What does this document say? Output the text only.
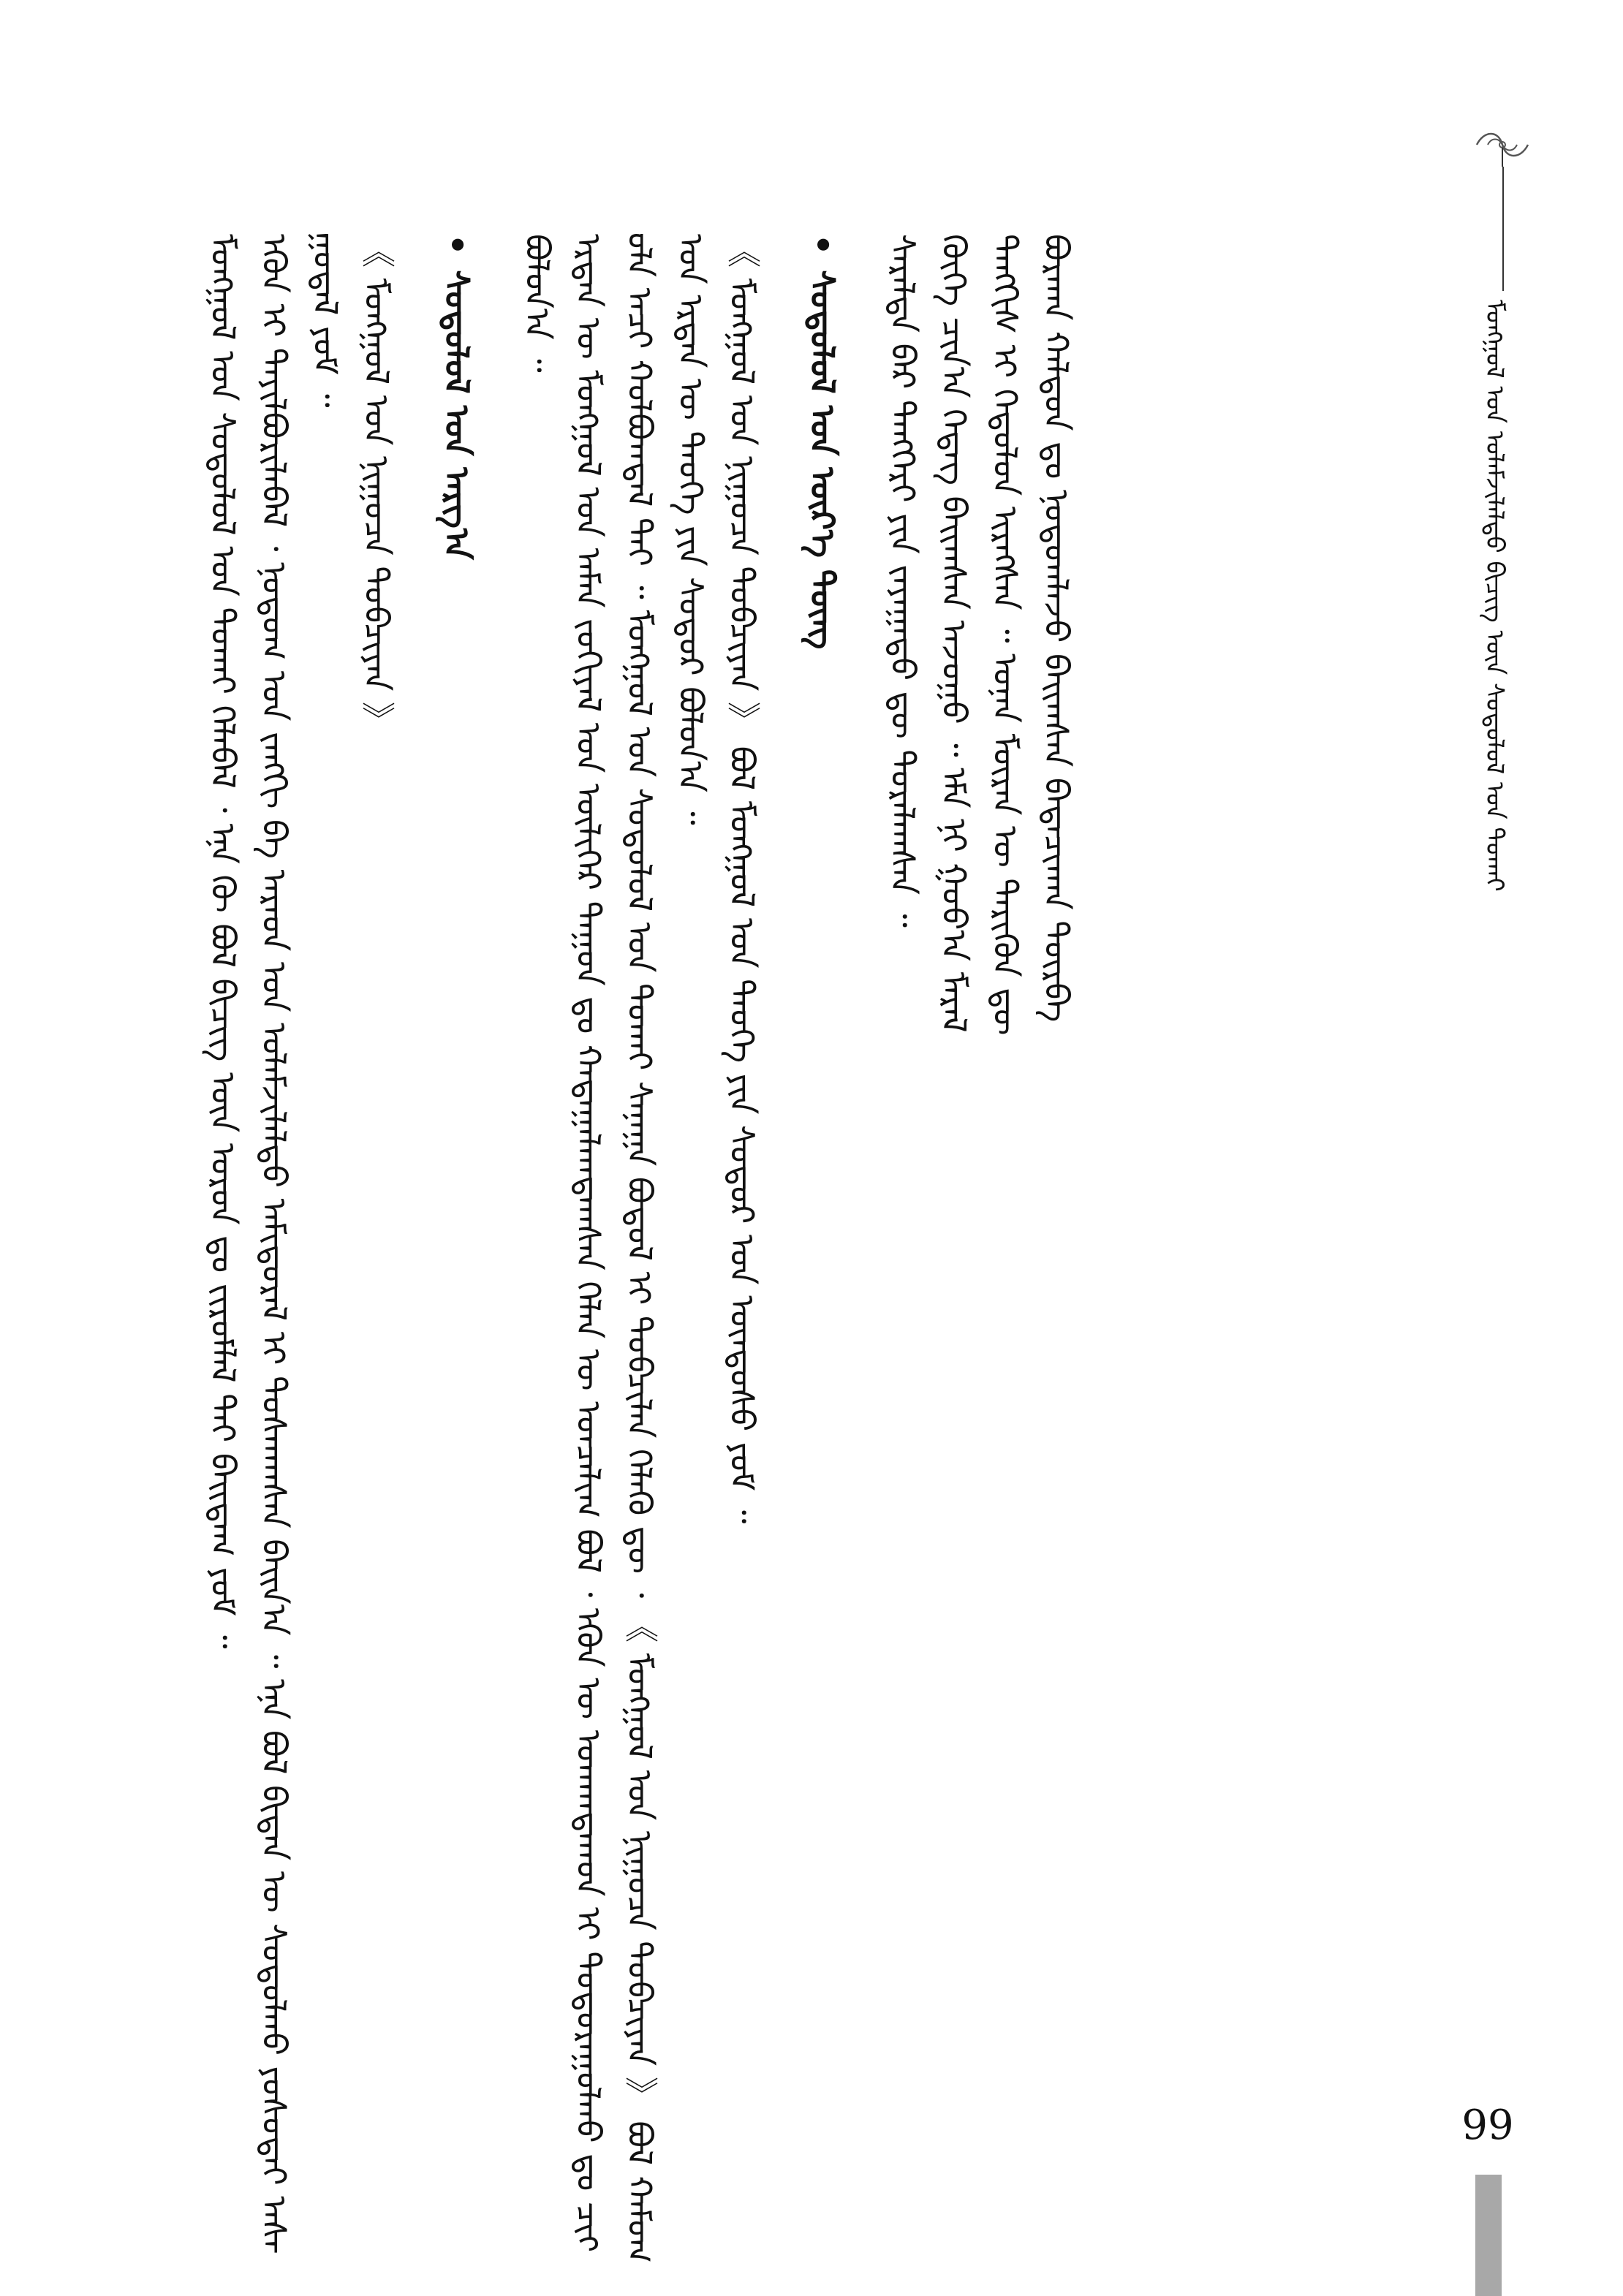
ᠮᠣᠩᠭᠣᠯ ᠤᠨ ᠤᠯᠠᠮᠵᠢᠯᠠᠯᠲᠤ ᠪᠢᠴᠢᠭ ᠦᠨ ᠰᠤᠳᠤᠯᠤᠯ ᠤᠨ ᠲᠤᠬᠠᠢ

ᠮᠣᠩᠭᠣᠯ ᠤᠨ ᠰᠤᠳᠤᠯᠤᠯ ᠤᠨ ᠲᠤᠬᠠᠢ ᠬᠡᠯᠡᠪᠡᠯ ᠂ ᠡᠨᠡ ᠬᠦ ᠪᠣᠯ ᠪᠢᠴᠢᠭ ᠦᠨ ᠣᠷᠣᠨ ᠳᠤ ᠵᠢᠷᠤᠮᠯᠠᠯ ᠲᠠᠢ ᠪᠠᠢᠳᠠᠭ ᠶᠤᠮ ᠃ ᠡᠭᠦᠨ ᠢ ᠲᠠᠶᠢᠯᠪᠤᠷᠢᠯᠠᠪᠠᠯ ᠂ ᠨᠤᠲᠤᠭ ᠤᠨ ᠵᠠᠩᠬᠢ ᠪᠠ ᠠᠷᠠᠳ ᠤᠨ ᠤᠯᠠᠮᠵᠢᠯᠠᠯᠲᠤ ᠠᠮᠢᠳᠤᠷᠠᠯ ᠢ ᠲᠤᠰᠬᠠᠭᠰᠠᠨ ᠪᠠᠢᠨ᠎ᠠ ᠃ ᠡᠨᠡ ᠪᠣᠯ ᠪᠢᠳᠡᠨ ᠦ ᠰᠤᠳᠤᠯᠬᠤ ᠶᠣᠰᠣᠲᠠᠢ ᠠᠰᠠᠭᠤᠳᠠᠯ ᠶᠤᠮ ᠃ 《 ᠮᠣᠩᠭᠣᠯ ᠤᠨ ᠨᠢᠭᠤᠴᠠ ᠲᠣᠪᠴᠢᠶᠠᠨ 》 • ᠰᠤᠳᠤᠯᠤᠯ ᠤᠨ ᠠᠷᠭ᠎ᠠ ᠪᠣᠯᠤᠨ᠎ᠠ ᠃ ᠡᠷᠲᠡᠨ ᠦ ᠮᠣᠩᠭᠣᠯ ᠤᠨ ᠠᠮᠠᠨ ᠵᠣᠬᠢᠶᠠᠯ ᠤᠨ ᠦᠯᠢᠭᠡᠷ ᠳᠠᠭᠤᠨ ᠳᠤ ᠬᠠᠳᠠᠭᠠᠯᠠᠭᠳᠠᠭᠰᠠᠨ ᠬᠡᠯᠡᠨ ᠦ ᠣᠨᠴᠠᠯᠢᠭ ᠪᠣᠯ ᠂ ᠡᠭᠦᠨ ᠦ ᠤᠬᠠᠭᠳᠠᠬᠤᠨ ᠢ ᠲᠣᠳᠤᠷᠠᠭᠤᠯᠬᠤ ᠳᠤ ᠴᠢᠬᠤᠯᠠ ᠠᠴᠢ ᠬᠣᠯᠪᠣᠭᠳᠠᠯ ᠲᠠᠢ ᠃ ᠮᠣᠩᠭᠣᠯ ᠤᠨ ᠰᠤᠳᠤᠯᠤᠯ ᠤᠨ ᠲᠤᠬᠠᠢ ᠰᠠᠨᠠᠭᠠ ᠪᠣᠳᠤᠯ ᠢ ᠲᠣᠪᠴᠢᠯᠠᠨ ᠬᠡᠯᠡᠬᠦ ᠳᠦ ᠂ 《 ᠮᠣᠩᠭᠣᠯ ᠤᠨ ᠨᠢᠭᠤᠴᠠ ᠲᠣᠪᠴᠢᠶᠠᠨ 》 ᠪᠣᠯ ᠬᠠᠮᠤᠭ ᠤᠨ ᠡᠷᠲᠡᠨ ᠦ ᠲᠡᠦᠬᠡ ᠶᠢᠨ ᠰᠤᠳᠤᠷ ᠪᠣᠯᠤᠨ᠎ᠠ ᠃ 《 ᠮᠣᠩᠭᠣᠯ ᠤᠨ ᠨᠢᠭᠤᠴᠠ ᠲᠣᠪᠴᠢᠶᠠᠨ 》 ᠪᠣᠯ ᠮᠣᠩᠭᠣᠯ ᠤᠨ ᠲᠡᠦᠬᠡ ᠶᠢᠨ ᠰᠤᠳᠤᠷ ᠤᠨ ᠦᠨᠳᠦᠰᠦ ᠶᠤᠮ ᠃ • ᠰᠤᠳᠤᠯᠤᠯ ᠤᠨ ᠦᠷ᠎ᠡ ᠳᠦᠩ ᠰᠡᠷᠡᠯᠲᠡ ᠪᠠᠷ ᠲᠡᠩᠭᠡᠷᠢ ᠶᠢᠨ ᠵᠠᠶᠠᠭᠠᠲᠤ ᠳᠦ ᠳᠤᠷᠠᠯᠠᠭᠰᠠᠨ ᠃ ᠬᠥᠬᠡ ᠴᠢᠨ᠎ᠠ ᠭᠡᠳᠡᠭ ᠪᠠᠢᠭᠰᠠᠨ ᠠᠵᠤᠭᠤ ᠃ ᠡᠮᠡ ᠨᠢ ᠭᠤᠣ᠎ᠠ ᠮᠠᠷᠠᠯ ᠲᠡᠩᠭᠢᠰ ᠢ ᠭᠡᠲᠦᠯᠤᠨ ᠢᠷᠡᠭᠰᠡᠨ ᠃ ᠣᠨᠠᠨ ᠮᠥᠷᠡᠨ ᠦ ᠲᠡᠷᠢᠭᠦᠨ ᠳᠦ ᠪᠤᠷᠬᠠᠨ ᠬᠠᠯᠳᠤᠨ ᠳᠤ ᠨᠤᠲᠤᠭᠯᠠᠵᠤ ᠪᠠᠢᠭᠰᠠᠨ ᠪᠠᠲᠠᠴᠢᠬᠠᠨ ᠲᠦᠷᠪᠡ
99
